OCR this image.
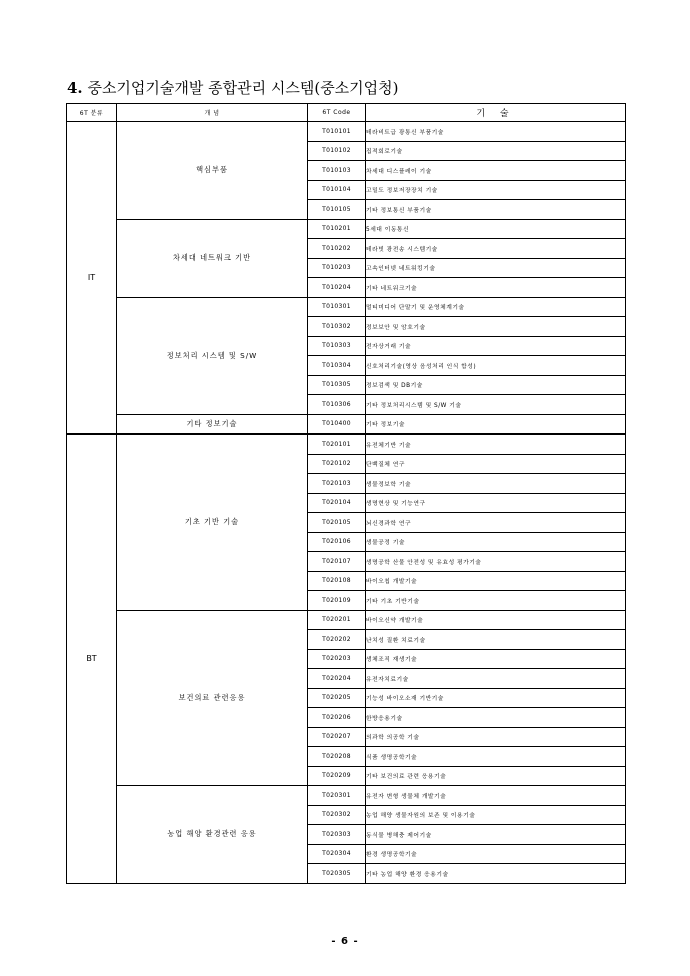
4. 중소기업기술개발 종합관리 시스템(중소기업청)
6T 분류	개 념	6T Code	기 술
IT	핵심부품	T010101	테라비트급 광통신 부품기술
		T010102	집적회로기술
		T010103	차세대 디스플레이 기술
		T010104	고밀도 정보저장장치 기술
		T010105	기타 정보통신 부품기술
	차세대 네트워크 기반	T010201	5세대 이동통신
		T010202	테라빗 광전송 시스템기술
		T010203	고속인터넷 네트워킹기술
		T010204	기타 네트워크기술
	정보처리 시스템 및 S/W	T010301	멀티미디어 단말기 및 운영체계기술
		T010302	정보보안 및 암호기술
		T010303	전자상거래 기술
		T010304	신호처리기술(영상 음성처리 인식 합성)
		T010305	정보검색 및 DB기술
		T010306	기타 정보처리시스템 및 S/W 기술
	기타 정보기술	T010400	기타 정보기술
BT	기초 기반 기술	T020101	유전체기반 기술
		T020102	단백질체 연구
		T020103	생물정보학 기술
		T020104	생명현상 및 기능연구
		T020105	뇌신경과학 연구
		T020106	생물공정 기술
		T020107	생명공학 산물 안전성 및 유효성 평가기술
		T020108	바이오칩 개발기술
		T020109	기타 기초 기반기술
	보건의료 관련응용	T020201	바이오신약 개발기술
		T020202	난치성 질환 치료기술
		T020203	생체조직 재생기술
		T020204	유전자치료기술
		T020205	기능성 바이오소재 기반기술
		T020206	한방응용기술
		T020207	의과학 의공학 기술
		T020208	식품 생명공학기술
		T020209	기타 보건의료 관련 응용기술
	농업 해양 환경관련 응용	T020301	유전자 변형 생물체 개발기술
		T020302	농업 해양 생물자원의 보존 및 이용기술
		T020303	동식물 병해충 제어기술
		T020304	환경 생명공학기술
		T020305	기타 농업 해양 환경 응용기술
- 6 -
